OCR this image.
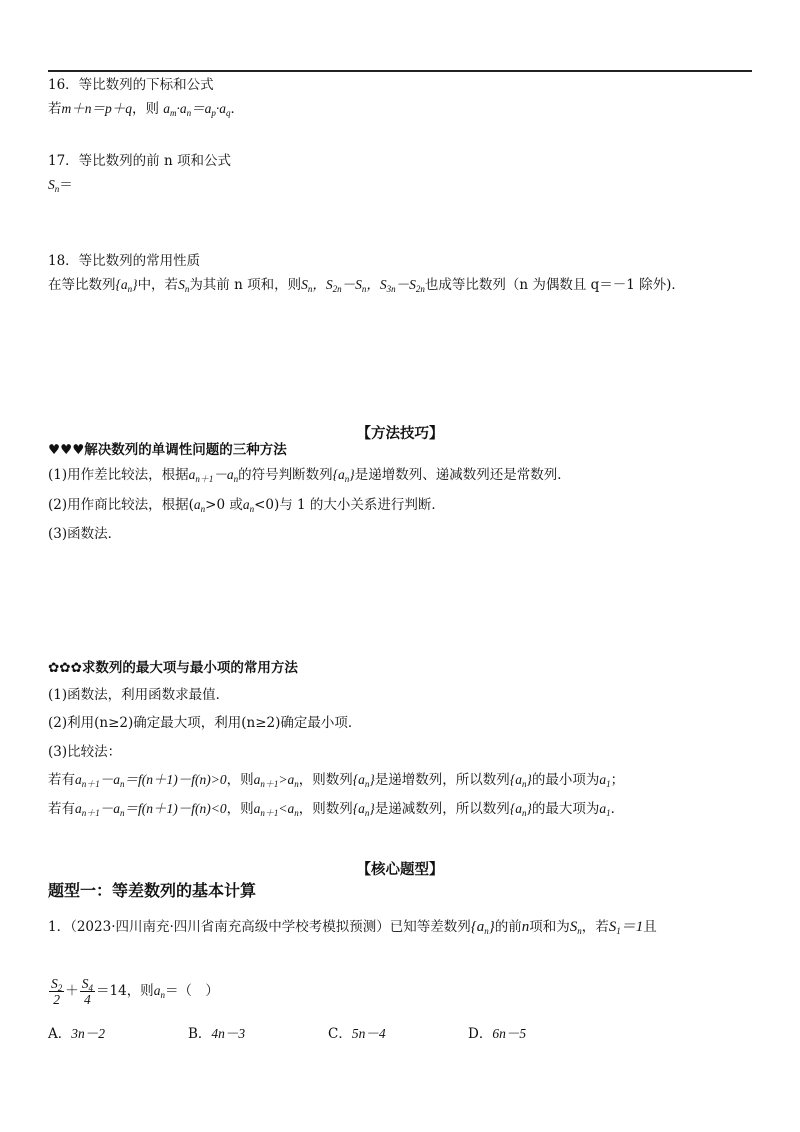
16．等比数列的下标和公式
若m＋n＝p＋q，则 $a_m\cdot a_n=a_p\cdot a_q$．
17．等比数列的前 n 项和公式
$S_n=$
18．等比数列的常用性质
在等比数列$\{a_n\}$中，若$S_n$为其前 n 项和，则$S_n$，$S_{2n}-S_n$，$S_{3n}-S_{2n}$也成等比数列（n 为偶数且 q＝－1 除外)．
【方法技巧】
♥♥♥解决数列的单调性问题的三种方法
(1)用作差比较法，根据$a_{n+1}-a_n$的符号判断数列$\{a_n\}$是递增数列、递减数列还是常数列．
(2)用作商比较法，根据($a_n>0$ 或$a_n<0$)与 1 的大小关系进行判断．
(3)函数法．
✿✿✿求数列的最大项与最小项的常用方法
(1)函数法，利用函数求最值．
(2)利用(n≥2)确定最大项，利用(n≥2)确定最小项．
(3)比较法：
若有$a_{n+1}-a_n=f(n+1)-f(n)>0$，则$a_{n+1}>a_n$，则数列$\{a_n\}$是递增数列，所以数列$\{a_n\}$的最小项为$a_1$；
若有$a_{n+1}-a_n=f(n+1)-f(n)<0$，则$a_{n+1}<a_n$，则数列$\{a_n\}$是递减数列，所以数列$\{a_n\}$的最大项为$a_1$．
【核心题型】
题型一：等差数列的基本计算
1．（2023·四川南充·四川省南充高级中学校考模拟预测）已知等差数列$\{a_n\}$的前n项和为$S_n$，若$S_1=1$且
$\frac{S_2}{2} + \frac{S_4}{4} =14$，则$a_n=$（　）
A．3n－2	B．4n－3	C．5n－4	D．6n－5
